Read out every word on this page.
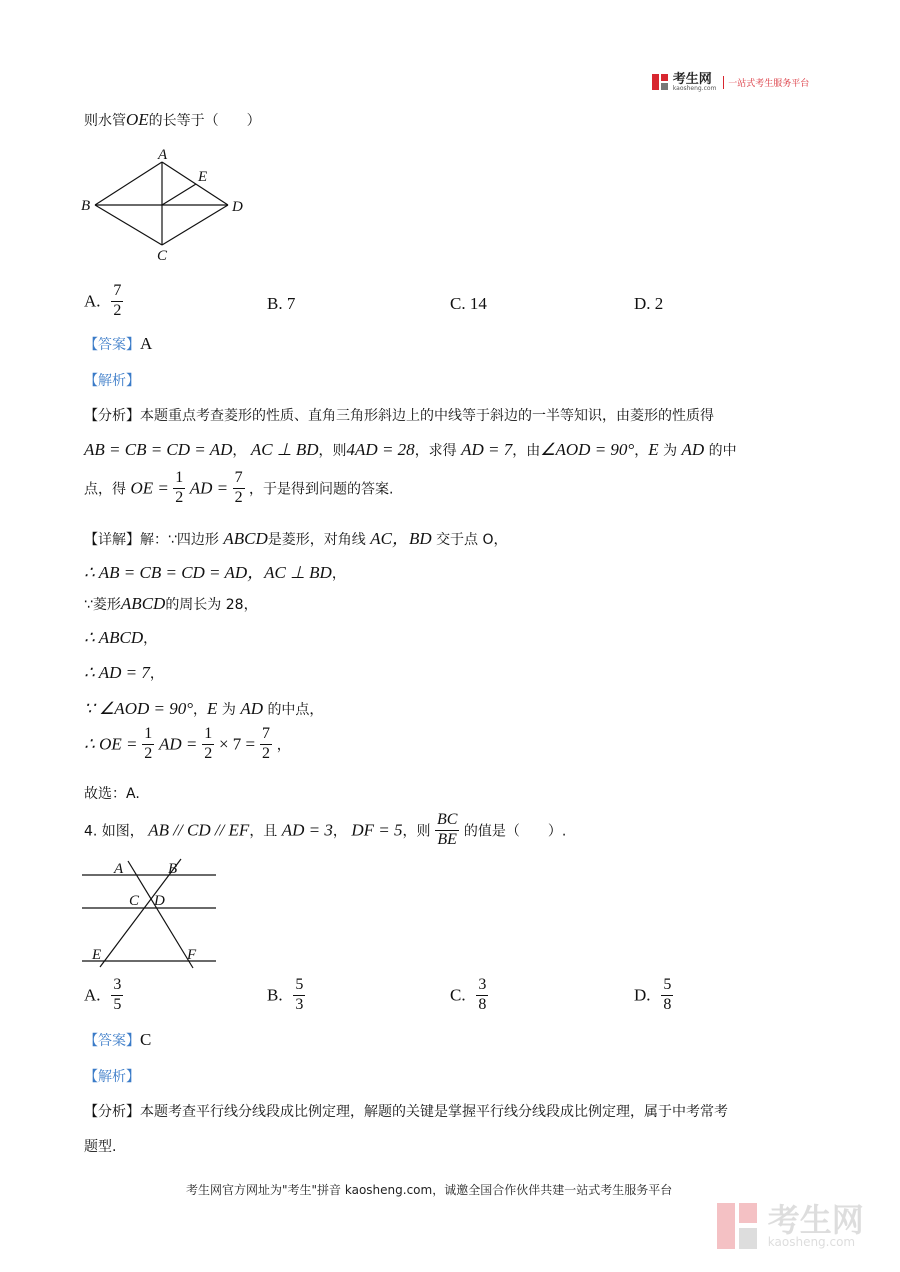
考生网
kaosheng.com 一站式考生服务平台
则水管OE的长等于（　　）
A
E
B	D
C
A. $\frac{7}{2}$	B. 7	C. 14	D. 2
【答案】A
【解析】
【分析】本题重点考查菱形的性质、直角三角形斜边上的中线等于斜边的一半等知识，由菱形的性质得
AB = CB = CD = AD， AC ⊥ BD，则4AD = 28，求得 AD = 7，由∠AOD = 90°，E 为 AD 的中
点，得 OE = $\frac{1}{2}$ AD = $\frac{7}{2}$ ，于是得到问题的答案.
【详解】解：∵四边形 ABCD是菱形，对角线 AC，BD 交于点 O，
∴ AB = CB = CD = AD，AC ⊥ BD，
∵菱形ABCD的周长为 28，
∴ ABCD，
∴ AD = 7，
∵ ∠AOD = 90°，E 为 AD 的中点，
∴ OE = $\frac{1}{2}$ AD = $\frac{1}{2} \times 7 = \frac{7}{2}$ ，
故选：A.
4. 如图， AB // CD // EF，且 AD = 3， DF = 5，则 $\frac{BC}{BE}$ 的值是（　　）.
A	B
C D
E	F
A. $\frac{3}{5}$	B. $\frac{5}{3}$	C. $\frac{3}{8}$	D. $\frac{5}{8}$
【答案】C
【解析】
【分析】本题考查平行线分线段成比例定理，解题的关键是掌握平行线分线段成比例定理，属于中考常考
题型.
考生网官方网址为"考生"拼音 kaosheng.com，诚邀全国合作伙伴共建一站式考生服务平台

考生网
kaosheng.com
